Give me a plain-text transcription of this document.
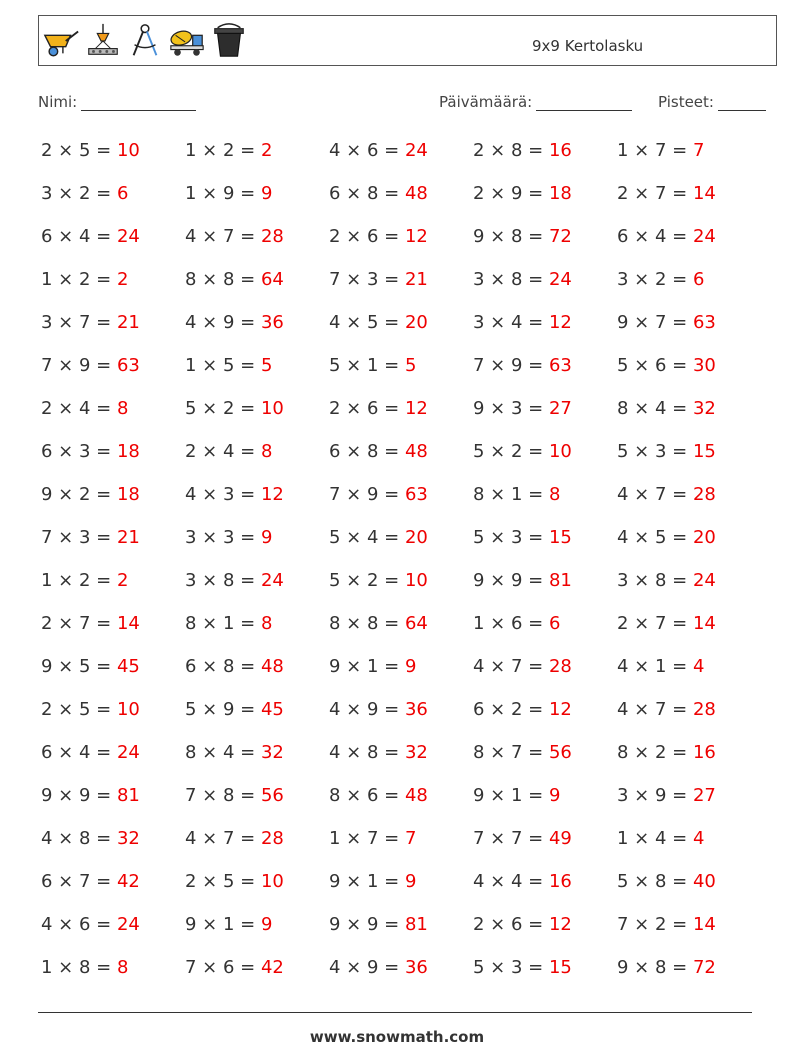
9x9 Kertolasku
Nimi:	Päivämäärä:	Pisteet:
2 × 5 = 10	1 × 2 = 2	4 × 6 = 24	2 × 8 = 16	1 × 7 = 7
3 × 2 = 6	1 × 9 = 9	6 × 8 = 48	2 × 9 = 18	2 × 7 = 14
6 × 4 = 24	4 × 7 = 28	2 × 6 = 12	9 × 8 = 72	6 × 4 = 24
1 × 2 = 2	8 × 8 = 64	7 × 3 = 21	3 × 8 = 24	3 × 2 = 6
3 × 7 = 21	4 × 9 = 36	4 × 5 = 20	3 × 4 = 12	9 × 7 = 63
7 × 9 = 63	1 × 5 = 5	5 × 1 = 5	7 × 9 = 63	5 × 6 = 30
2 × 4 = 8	5 × 2 = 10	2 × 6 = 12	9 × 3 = 27	8 × 4 = 32
6 × 3 = 18	2 × 4 = 8	6 × 8 = 48	5 × 2 = 10	5 × 3 = 15
9 × 2 = 18	4 × 3 = 12	7 × 9 = 63	8 × 1 = 8	4 × 7 = 28
7 × 3 = 21	3 × 3 = 9	5 × 4 = 20	5 × 3 = 15	4 × 5 = 20
1 × 2 = 2	3 × 8 = 24	5 × 2 = 10	9 × 9 = 81	3 × 8 = 24
2 × 7 = 14	8 × 1 = 8	8 × 8 = 64	1 × 6 = 6	2 × 7 = 14
9 × 5 = 45	6 × 8 = 48	9 × 1 = 9	4 × 7 = 28	4 × 1 = 4
2 × 5 = 10	5 × 9 = 45	4 × 9 = 36	6 × 2 = 12	4 × 7 = 28
6 × 4 = 24	8 × 4 = 32	4 × 8 = 32	8 × 7 = 56	8 × 2 = 16
9 × 9 = 81	7 × 8 = 56	8 × 6 = 48	9 × 1 = 9	3 × 9 = 27
4 × 8 = 32	4 × 7 = 28	1 × 7 = 7	7 × 7 = 49	1 × 4 = 4
6 × 7 = 42	2 × 5 = 10	9 × 1 = 9	4 × 4 = 16	5 × 8 = 40
4 × 6 = 24	9 × 1 = 9	9 × 9 = 81	2 × 6 = 12	7 × 2 = 14
1 × 8 = 8	7 × 6 = 42	4 × 9 = 36	5 × 3 = 15	9 × 8 = 72
www.snowmath.com
